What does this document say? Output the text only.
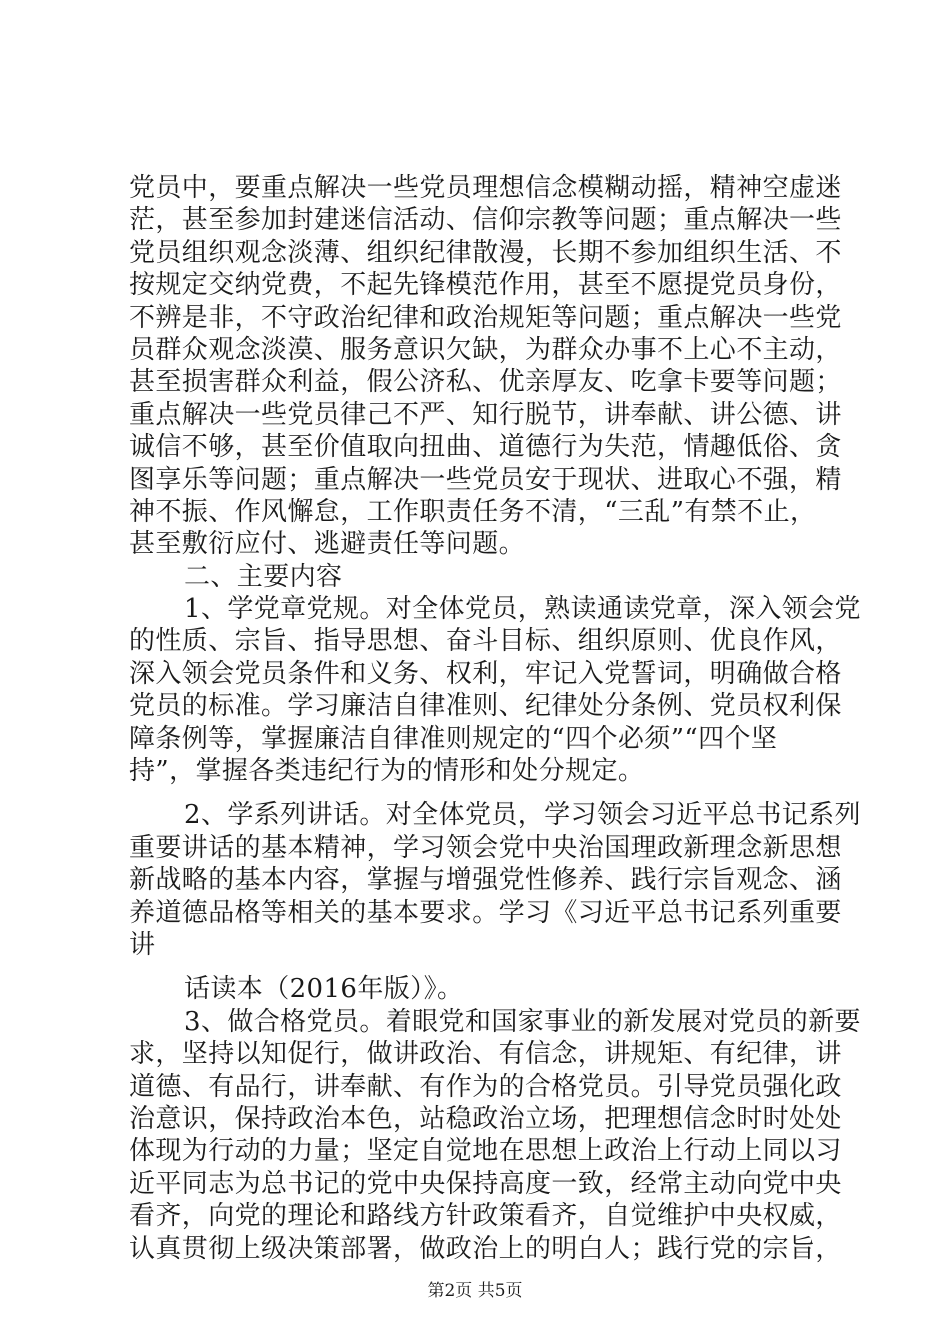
党员中，要重点解决一些党员理想信念模糊动摇，精神空虚迷
茫，甚至参加封建迷信活动、信仰宗教等问题；重点解决一些
党员组织观念淡薄、组织纪律散漫，长期不参加组织生活、不
按规定交纳党费，不起先锋模范作用，甚至不愿提党员身份，
不辨是非，不守政治纪律和政治规矩等问题；重点解决一些党
员群众观念淡漠、服务意识欠缺，为群众办事不上心不主动，
甚至损害群众利益，假公济私、优亲厚友、吃拿卡要等问题；
重点解决一些党员律己不严、知行脱节，讲奉献、讲公德、讲
诚信不够，甚至价值取向扭曲、道德行为失范，情趣低俗、贪
图享乐等问题；重点解决一些党员安于现状、进取心不强，精
神不振、作风懈怠，工作职责任务不清，“三乱”有禁不止，
甚至敷衍应付、逃避责任等问题。
二、主要内容
1、学党章党规。对全体党员，熟读通读党章，深入领会党
的性质、宗旨、指导思想、奋斗目标、组织原则、优良作风，
深入领会党员条件和义务、权利，牢记入党誓词，明确做合格
党员的标准。学习廉洁自律准则、纪律处分条例、党员权利保
障条例等，掌握廉洁自律准则规定的“四个必须”“四个坚
持”，掌握各类违纪行为的情形和处分规定。
2、学系列讲话。对全体党员，学习领会习近平总书记系列
重要讲话的基本精神，学习领会党中央治国理政新理念新思想
新战略的基本内容，掌握与增强党性修养、践行宗旨观念、涵
养道德品格等相关的基本要求。学习《习近平总书记系列重要
讲
话读本（2016年版）》。
3、做合格党员。着眼党和国家事业的新发展对党员的新要
求，坚持以知促行，做讲政治、有信念，讲规矩、有纪律，讲
道德、有品行，讲奉献、有作为的合格党员。引导党员强化政
治意识，保持政治本色，站稳政治立场，把理想信念时时处处
体现为行动的力量；坚定自觉地在思想上政治上行动上同以习
近平同志为总书记的党中央保持高度一致，经常主动向党中央
看齐，向党的理论和路线方针政策看齐，自觉维护中央权威，
认真贯彻上级决策部署，做政治上的明白人；践行党的宗旨，
第2页 共5页
